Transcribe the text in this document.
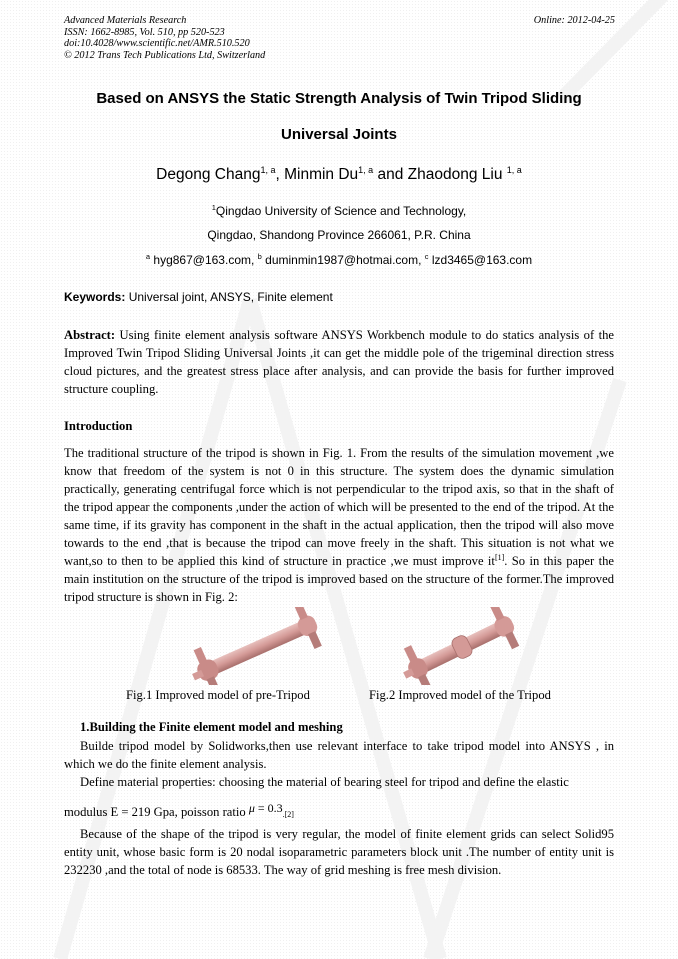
Advanced Materials Research
ISSN: 1662-8985, Vol. 510, pp 520-523
doi:10.4028/www.scientific.net/AMR.510.520
© 2012 Trans Tech Publications Ltd, Switzerland
Online: 2012-04-25
Based on ANSYS the Static Strength Analysis of Twin Tripod Sliding
Universal Joints
Degong Chang$^{1, a}$, Minmin Du$^{1, a}$ and Zhaodong Liu $^{1, a}$
$^1$Qingdao University of Science and Technology,
Qingdao, Shandong Province 266061, P.R. China
$^a$ hyg867@163.com, $^b$ duminmin1987@hotmai.com, $^c$ lzd3465@163.com
Keywords: Universal joint, ANSYS, Finite element
Abstract: Using finite element analysis software ANSYS Workbench module to do statics analysis of the Improved Twin Tripod Sliding Universal Joints ,it can get the middle pole of the trigeminal direction stress cloud pictures, and the greatest stress place after analysis, and can provide the basis for further improved structure coupling.
Introduction
The traditional structure of the tripod is shown in Fig. 1. From the results of the simulation movement ,we know that freedom of the system is not 0 in this structure. The system does the dynamic simulation practically, generating centrifugal force which is not perpendicular to the tripod axis, so that in the shaft of the tripod appear the components ,under the action of which will be presented to the end of the tripod. At the same time, if its gravity has component in the shaft in the actual application, then the tripod will also move towards to the end ,that is because the tripod can move freely in the shaft. This situation is not what we want,so to then to be applied this kind of structure in practice ,we must improve it[1]. So in this paper the main institution on the structure of the tripod is improved based on the structure of the former.The improved tripod structure is shown in Fig. 2:
Fig.1 Improved model of pre-Tripod	Fig.2 Improved model of the Tripod
1.Building the Finite element model and meshing
Builde tripod model by Solidworks,then use relevant interface to take tripod model into ANSYS , in which we do the finite element analysis.
Define material properties: choosing the material of bearing steel for tripod and define the elastic
modulus E = 219 Gpa, poisson ratio μ = 0.3.[2]
Because of the shape of the tripod is very regular, the model of finite element grids can select Solid95 entity unit, whose basic form is 20 nodal isoparametric parameters block unit .The number of entity unit is 232230 ,and the total of node is 68533. The way of grid meshing is free mesh division.
